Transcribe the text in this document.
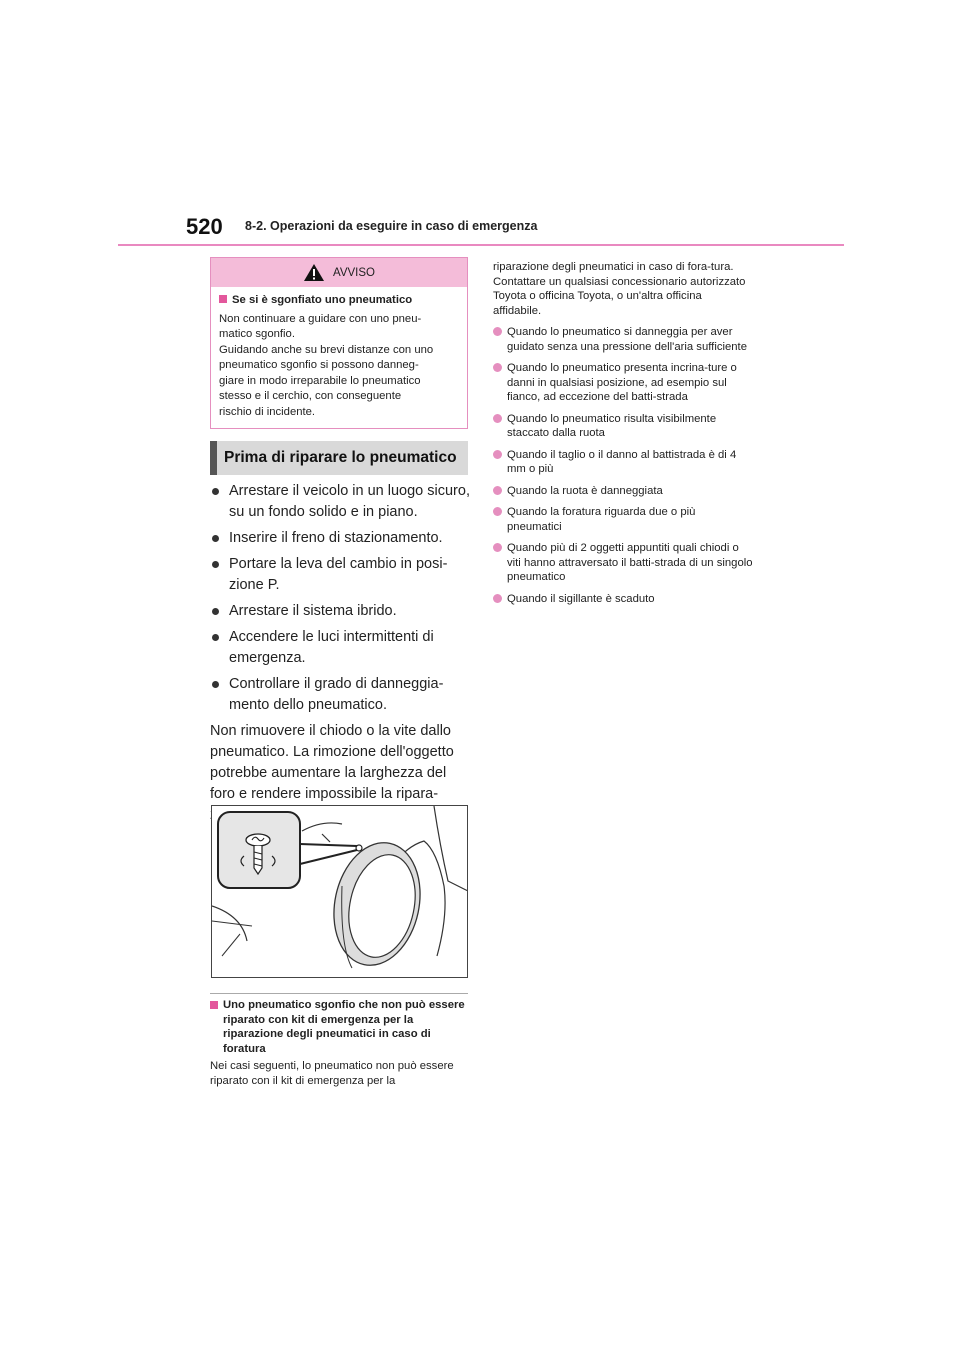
520 8-2. Operazioni da eseguire in caso di emergenza
AVVISO
Se si è sgonfiato uno pneumatico
Non continuare a guidare con uno pneu-
matico sgonfio.
Guidando anche su brevi distanze con uno
pneumatico sgonfio si possono danneg-
giare in modo irreparabile lo pneumatico
stesso e il cerchio, con conseguente
rischio di incidente.
Prima di riparare lo pneumatico
Arrestare il veicolo in un luogo sicuro, su un fondo solido e in piano.
Inserire il freno di stazionamento.
Portare la leva del cambio in posi-zione P.
Arrestare il sistema ibrido.
Accendere le luci intermittenti di emergenza.
Controllare il grado di danneggia-mento dello pneumatico.

Non rimuovere il chiodo o la vite dallo pneumatico. La rimozione dell'oggetto potrebbe aumentare la larghezza del foro e rendere impossibile la ripara-

Uno pneumatico sgonfio che non può essere riparato con kit di emergenza per la riparazione degli pneumatici in caso di foratura
Nei casi seguenti, lo pneumatico non può essere riparato con il kit di emergenza per la

riparazione degli pneumatici in caso di fora-tura. Contattare un qualsiasi concessionario autorizzato Toyota o officina Toyota, o un'altra officina affidabile.

Quando lo pneumatico si danneggia per aver guidato senza una pressione dell'aria sufficiente
Quando lo pneumatico presenta incrina-ture o danni in qualsiasi posizione, ad esempio sul fianco, ad eccezione del batti-strada
Quando lo pneumatico risulta visibilmente staccato dalla ruota
Quando il taglio o il danno al battistrada è di 4 mm o più
Quando la ruota è danneggiata
Quando la foratura riguarda due o più pneumatici
Quando più di 2 oggetti appuntiti quali chiodi o viti hanno attraversato il batti-strada di un singolo pneumatico
Quando il sigillante è scaduto
